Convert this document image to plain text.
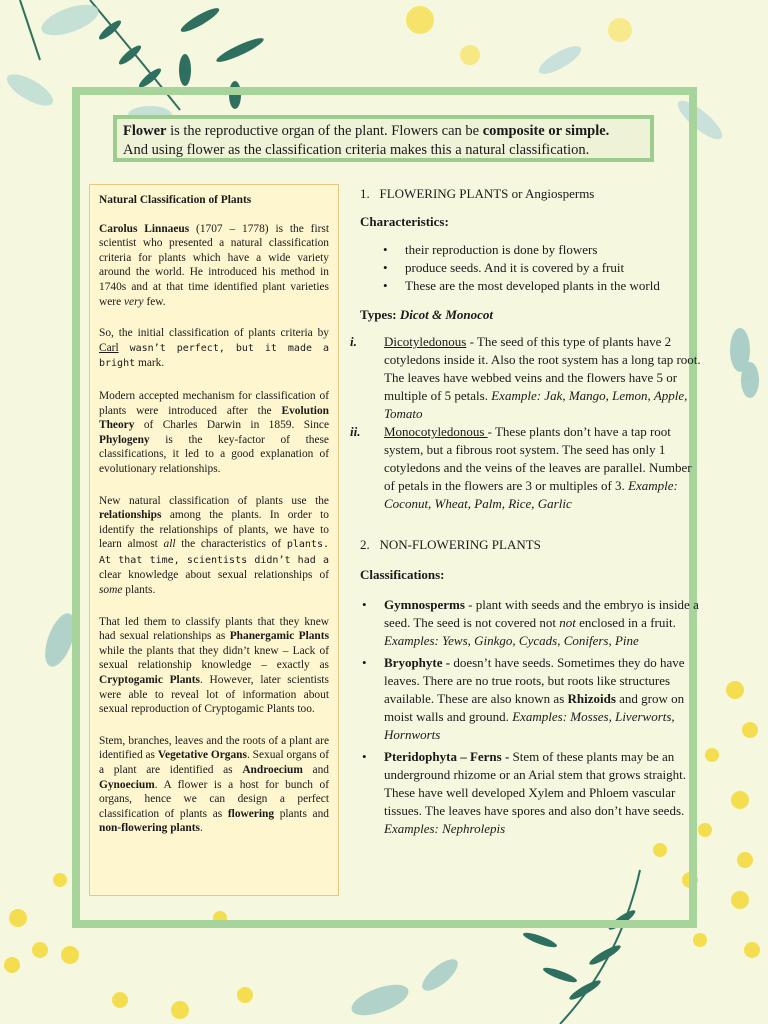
Flower is the reproductive organ of the plant. Flowers can be composite or simple.
And using flower as the classification criteria makes this a natural classification.

Natural Classification of Plants

Carolus Linnaeus (1707 – 1778) is the first scientist who presented a natural classification criteria for plants which have a wide variety around the world. He introduced his method in 1740s and at that time identified plant varieties were very few.

So, the initial classification of plants criteria by Carl wasn’t perfect, but it made a bright mark.

Modern accepted mechanism for classification of plants were introduced after the Evolution Theory of Charles Darwin in 1859. Since Phylogeny is the key-factor of these classifications, it led to a good explanation of evolutionary relationships.

New natural classification of plants use the relationships among the plants. In order to identify the relationships of plants, we have to learn almost all the characteristics of plants. At that time, scientists didn’t had a clear knowledge about sexual relationships of some plants.

That led them to classify plants that they knew had sexual relationships as Phanergamic Plants while the plants that they didn’t knew – Lack of sexual relationship knowledge – exactly as Cryptogamic Plants. However, later scientists were able to reveal lot of information about sexual reproduction of Cryptogamic Plants too.

Stem, branches, leaves and the roots of a plant are identified as Vegetative Organs. Sexual organs of a plant are identified as Androecium and Gynoecium. A flower is a host for bunch of organs, hence we can design a perfect classification of plants as flowering plants and non-flowering plants.

1. FLOWERING PLANTS or Angiosperms

Characteristics:

• their reproduction is done by flowers
• produce seeds. And it is covered by a fruit
• These are the most developed plants in the world

Types: Dicot & Monocot

i. Dicotyledonous - The seed of this type of plants have 2 cotyledons inside it. Also the root system has a long tap root. The leaves have webbed veins and the flowers have 5 or multiple of 5 petals. Example: Jak, Mango, Lemon, Apple, Tomato
ii. Monocotyledonous - These plants don’t have a tap root system, but a fibrous root system. The seed has only 1 cotyledons and the veins of the leaves are parallel. Number of petals in the flowers are 3 or multiples of 3. Example: Coconut, Wheat, Palm, Rice, Garlic

2. NON-FLOWERING PLANTS

Classifications:

• Gymnosperms - plant with seeds and the embryo is inside a seed. The seed is not covered not not enclosed in a fruit. Examples: Yews, Ginkgo, Cycads, Conifers, Pine
• Bryophyte - doesn’t have seeds. Sometimes they do have leaves. There are no true roots, but roots like structures available. These are also known as Rhizoids and grow on moist walls and ground. Examples: Mosses, Liverworts, Hornworts
• Pteridophyta – Ferns - Stem of these plants may be an underground rhizome or an Arial stem that grows straight. These have well developed Xylem and Phloem vascular tissues. The leaves have spores and also don’t have seeds. Examples: Nephrolepis
